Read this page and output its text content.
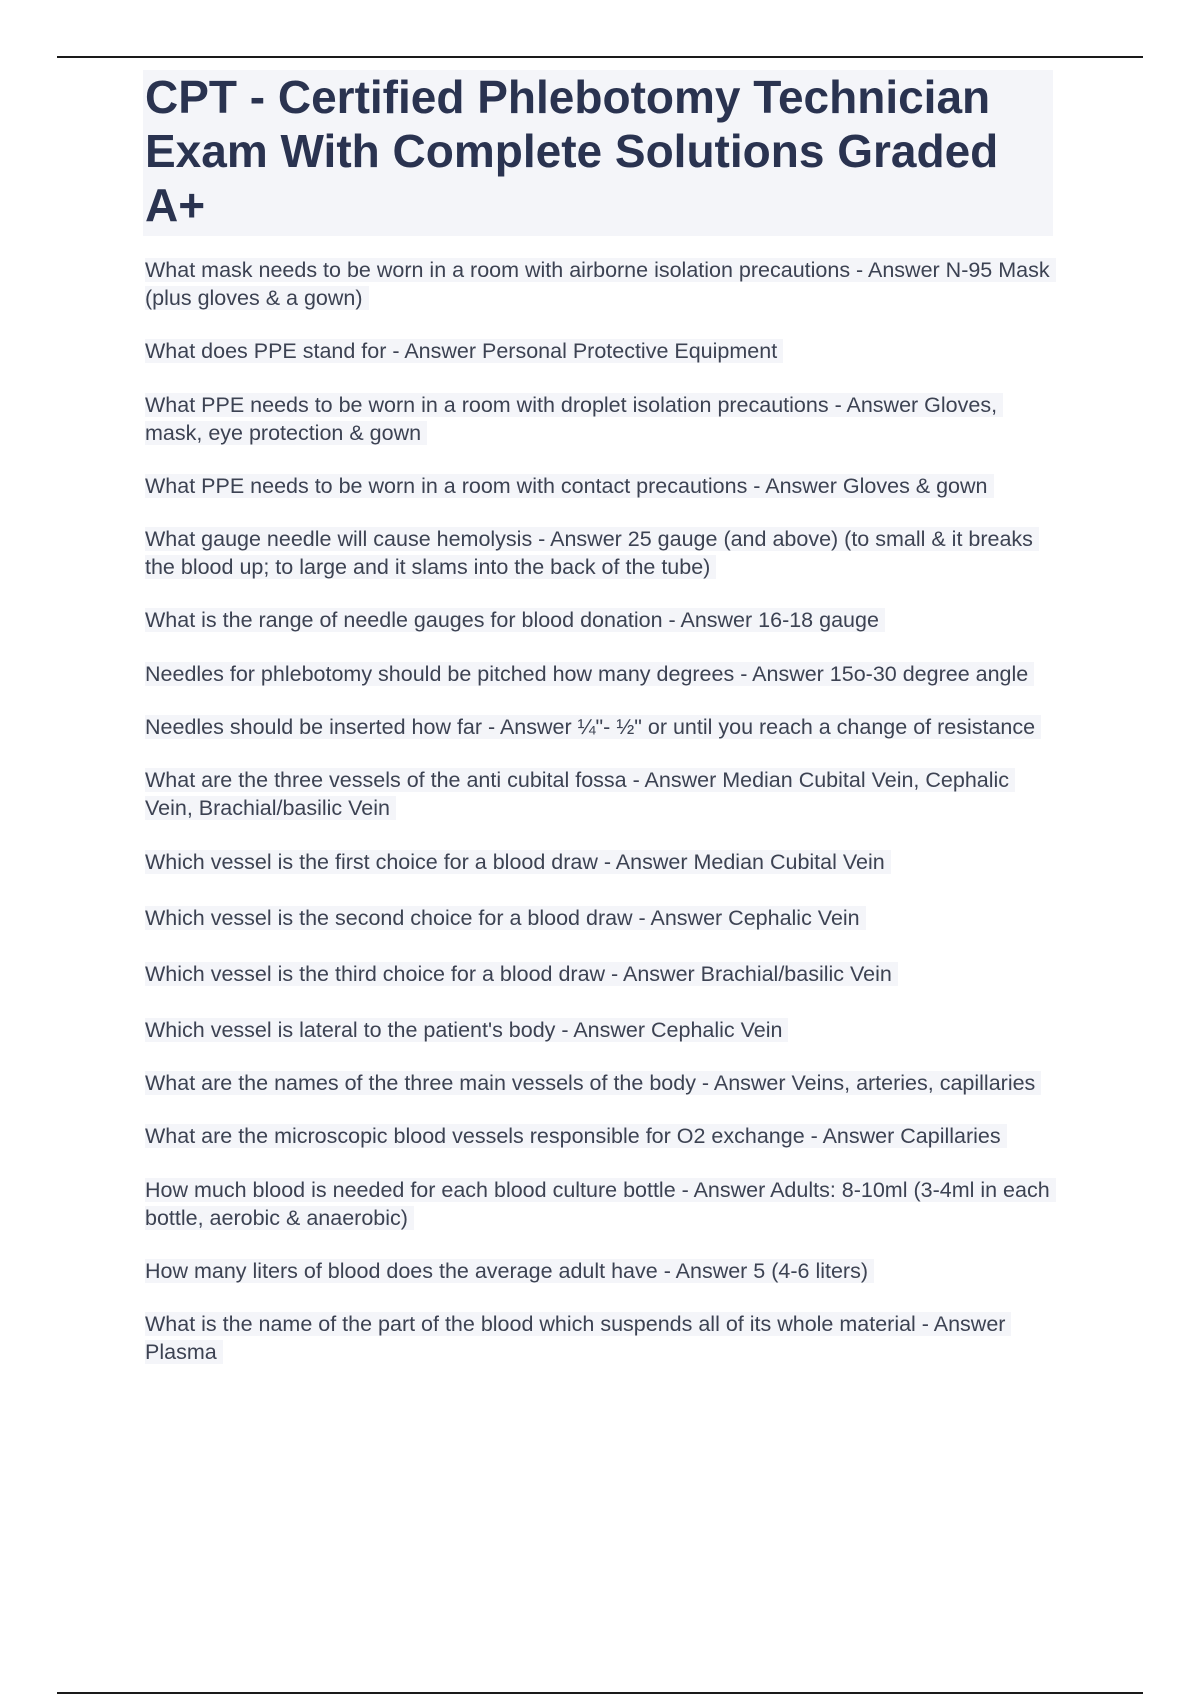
CPT - Certified Phlebotomy Technician Exam With Complete Solutions Graded A+
What mask needs to be worn in a room with airborne isolation precautions - Answer N-95 Mask (plus gloves & a gown)
What does PPE stand for - Answer Personal Protective Equipment
What PPE needs to be worn in a room with droplet isolation precautions - Answer Gloves, mask, eye protection & gown
What PPE needs to be worn in a room with contact precautions - Answer Gloves & gown
What gauge needle will cause hemolysis - Answer 25 gauge (and above) (to small & it breaks the blood up; to large and it slams into the back of the tube)
What is the range of needle gauges for blood donation - Answer 16-18 gauge
Needles for phlebotomy should be pitched how many degrees - Answer 15o-30 degree angle
Needles should be inserted how far - Answer ¼"- ½" or until you reach a change of resistance
What are the three vessels of the anti cubital fossa - Answer Median Cubital Vein, Cephalic Vein, Brachial/basilic Vein
Which vessel is the first choice for a blood draw - Answer Median Cubital Vein
Which vessel is the second choice for a blood draw - Answer Cephalic Vein
Which vessel is the third choice for a blood draw - Answer Brachial/basilic Vein
Which vessel is lateral to the patient's body - Answer Cephalic Vein
What are the names of the three main vessels of the body - Answer Veins, arteries, capillaries
What are the microscopic blood vessels responsible for O2 exchange - Answer Capillaries
How much blood is needed for each blood culture bottle - Answer Adults: 8-10ml (3-4ml in each bottle, aerobic & anaerobic)
How many liters of blood does the average adult have - Answer 5 (4-6 liters)
What is the name of the part of the blood which suspends all of its whole material - Answer Plasma
